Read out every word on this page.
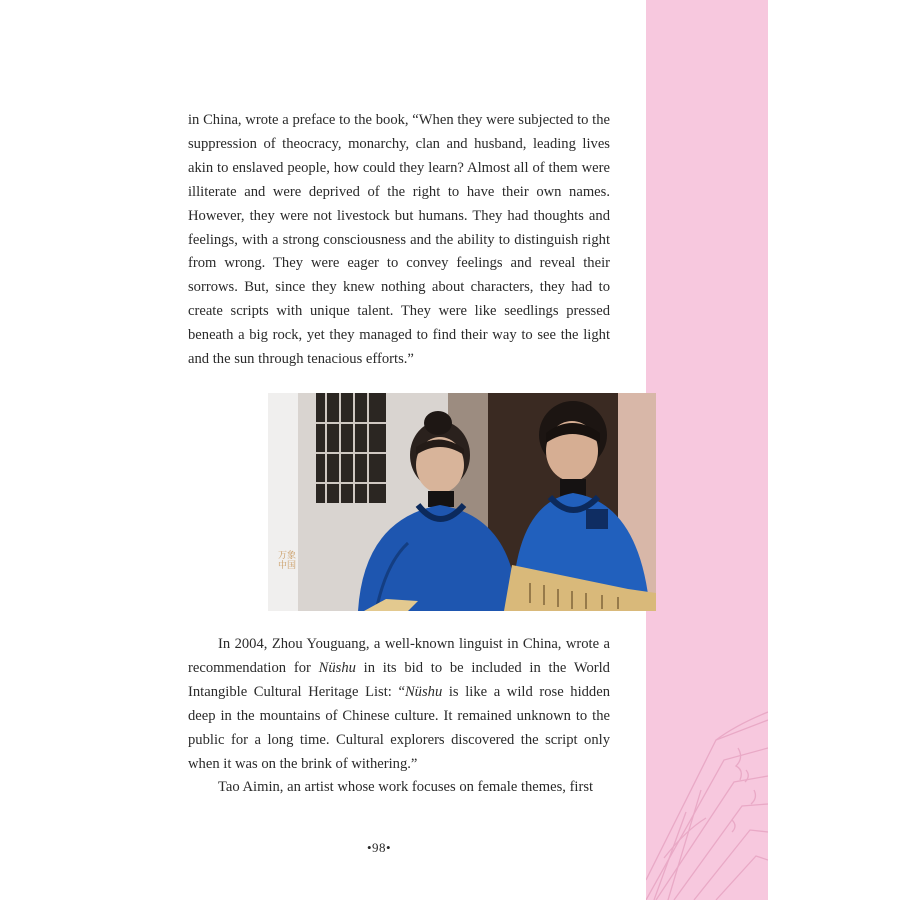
in China, wrote a preface to the book, “When they were subjected to the suppression of theocracy, monarchy, clan and husband, leading lives akin to enslaved people, how could they learn? Almost all of them were illiterate and were deprived of the right to have their own names. However, they were not livestock but humans. They had thoughts and feelings, with a strong consciousness and the ability to distinguish right from wrong. They were eager to convey feelings and reveal their sorrows. But, since they knew nothing about characters, they had to create scripts with unique talent. They were like seedlings pressed beneath a big rock, yet they managed to find their way to see the light and the sun through tenacious efforts.”

万象中国

In 2004, Zhou Youguang, a well-known linguist in China, wrote a recommendation for Nüshu in its bid to be included in the World Intangible Cultural Heritage List: “Nüshu is like a wild rose hidden deep in the mountains of Chinese culture. It remained unknown to the public for a long time. Cultural explorers discovered the script only when it was on the brink of withering.”

Tao Aimin, an artist whose work focuses on female themes, first

•98•
